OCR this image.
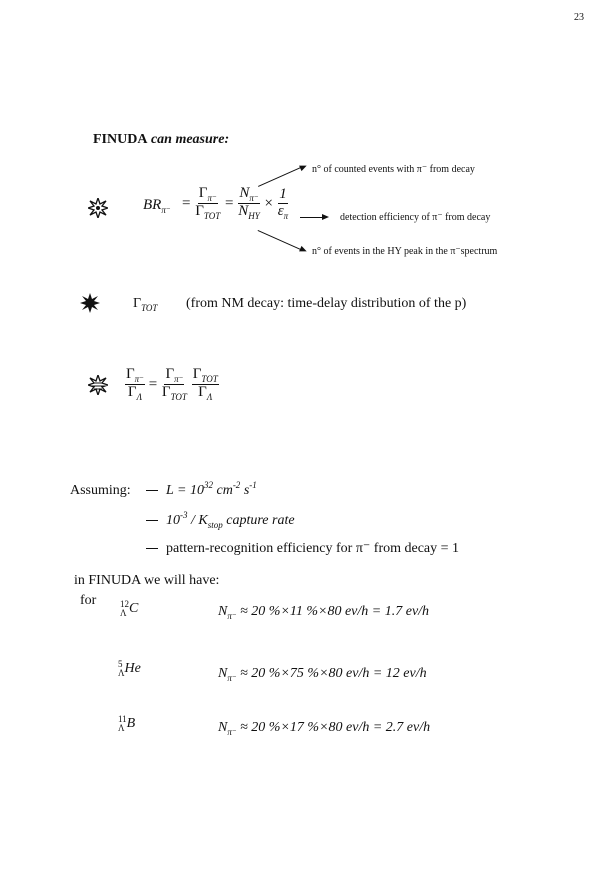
23
FINUDA can measure:
$BR_{\pi^-} = \frac{\Gamma_{\pi^-}}{\Gamma_{TOT}} = \frac{N_{\pi^-}}{N_{HY}} \times \frac{1}{\varepsilon_\pi}$
n° of counted events with π⁻ from decay
detection efficiency of π⁻ from decay
n° of events in the HY peak in the π⁻spectrum
$\Gamma_{TOT}$ (from NM decay: time-delay distribution of the p)
$\frac{\Gamma_{\pi^-}}{\Gamma_\Lambda} = \frac{\Gamma_{\pi^-}}{\Gamma_{TOT}}$
$\frac{\Gamma_{TOT}}{\Gamma_\Lambda}$
Assuming:	$L = 10^{32}$ $cm^{-2}$ $s^{-1}$
$10^{-3} / K_{stop}$ capture rate
pattern-recognition efficiency for π⁻ from decay = 1
in FINUDA we will have:
for	12
Λ C	$N_{\pi^-} \approx 20$ %×11 %×80 ev/h = 1.7 ev/h
5
Λ He	$N_{\pi^-} \approx 20$ %×75 %×80 ev/h = 12 ev/h
11
Λ B	$N_{\pi^-} \approx 20$ %×17 %×80 ev/h = 2.7 ev/h
